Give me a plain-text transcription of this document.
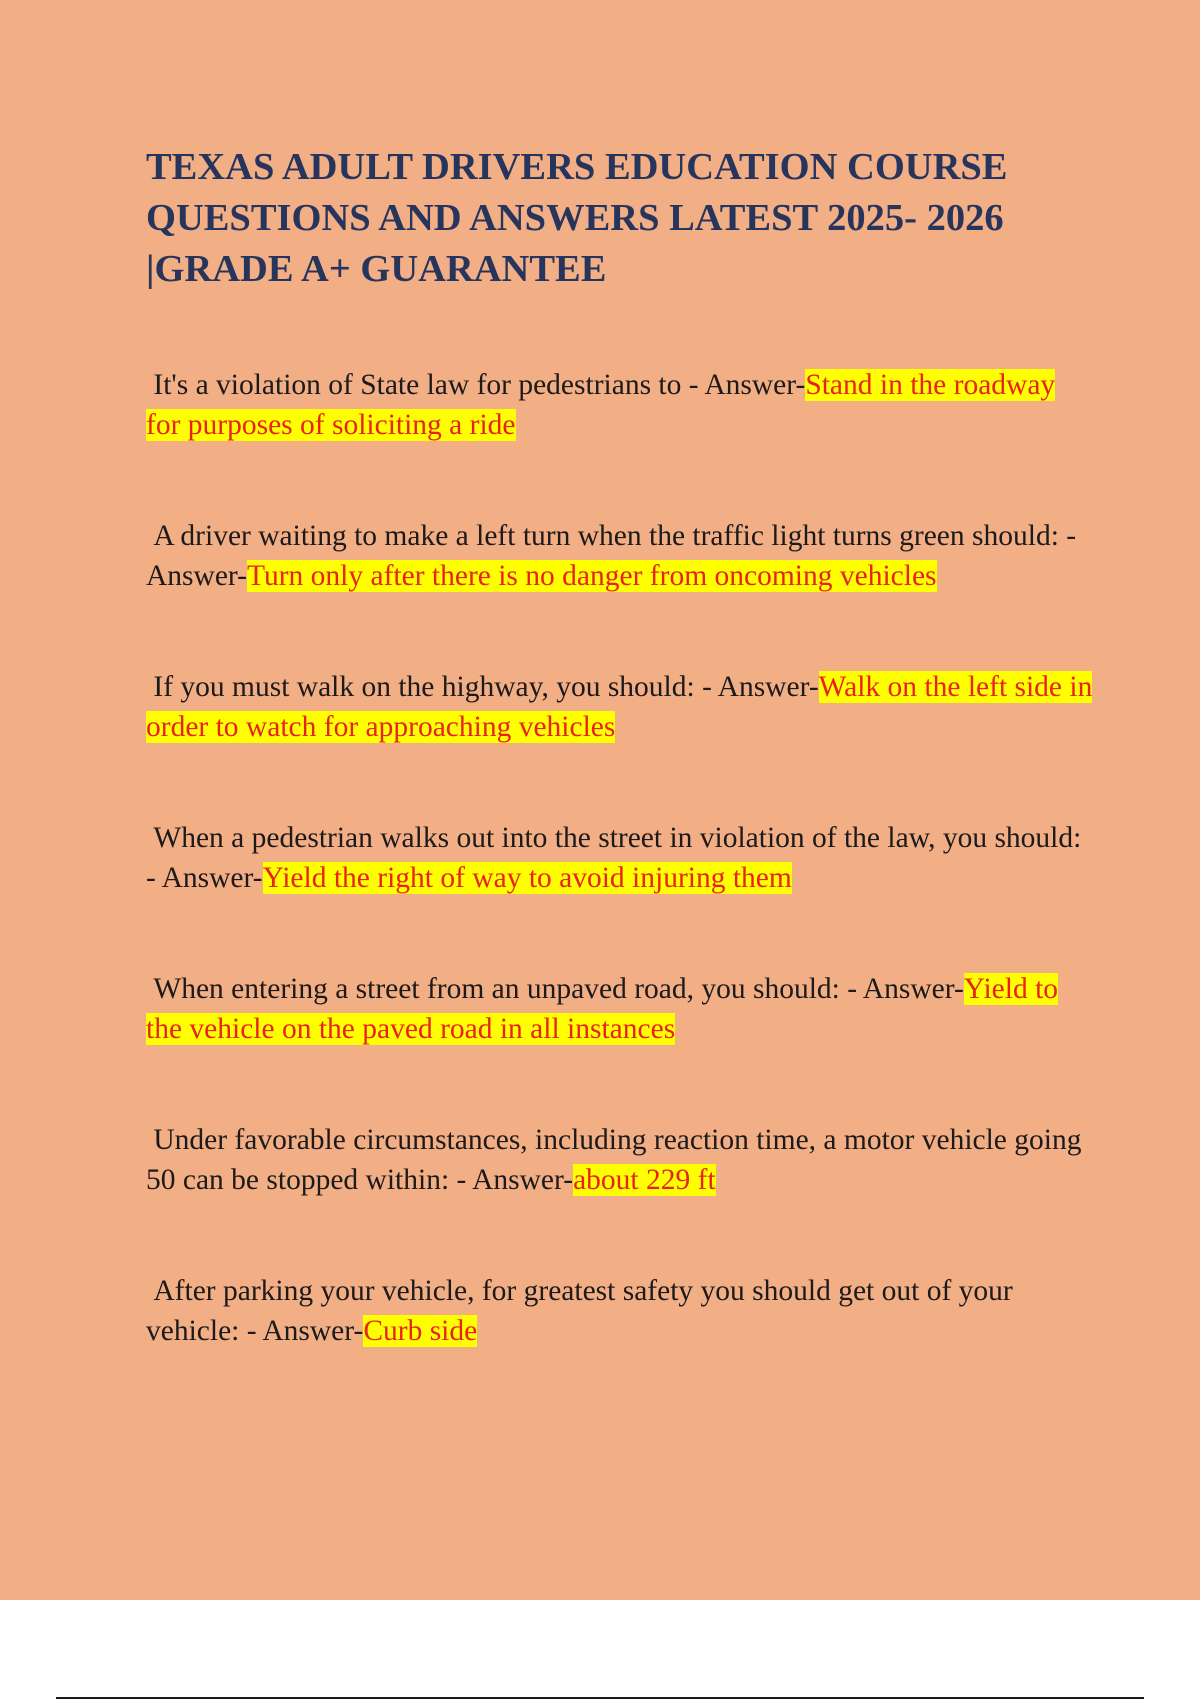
TEXAS ADULT DRIVERS EDUCATION COURSE QUESTIONS AND ANSWERS LATEST 2025- 2026 |GRADE A+ GUARANTEE

It's a violation of State law for pedestrians to - Answer-Stand in the roadway for purposes of soliciting a ride

A driver waiting to make a left turn when the traffic light turns green should: - Answer-Turn only after there is no danger from oncoming vehicles

If you must walk on the highway, you should: - Answer-Walk on the left side in order to watch for approaching vehicles

When a pedestrian walks out into the street in violation of the law, you should: - Answer-Yield the right of way to avoid injuring them

When entering a street from an unpaved road, you should: - Answer-Yield to the vehicle on the paved road in all instances

Under favorable circumstances, including reaction time, a motor vehicle going 50 can be stopped within: - Answer-about 229 ft

After parking your vehicle, for greatest safety you should get out of your vehicle: - Answer-Curb side
